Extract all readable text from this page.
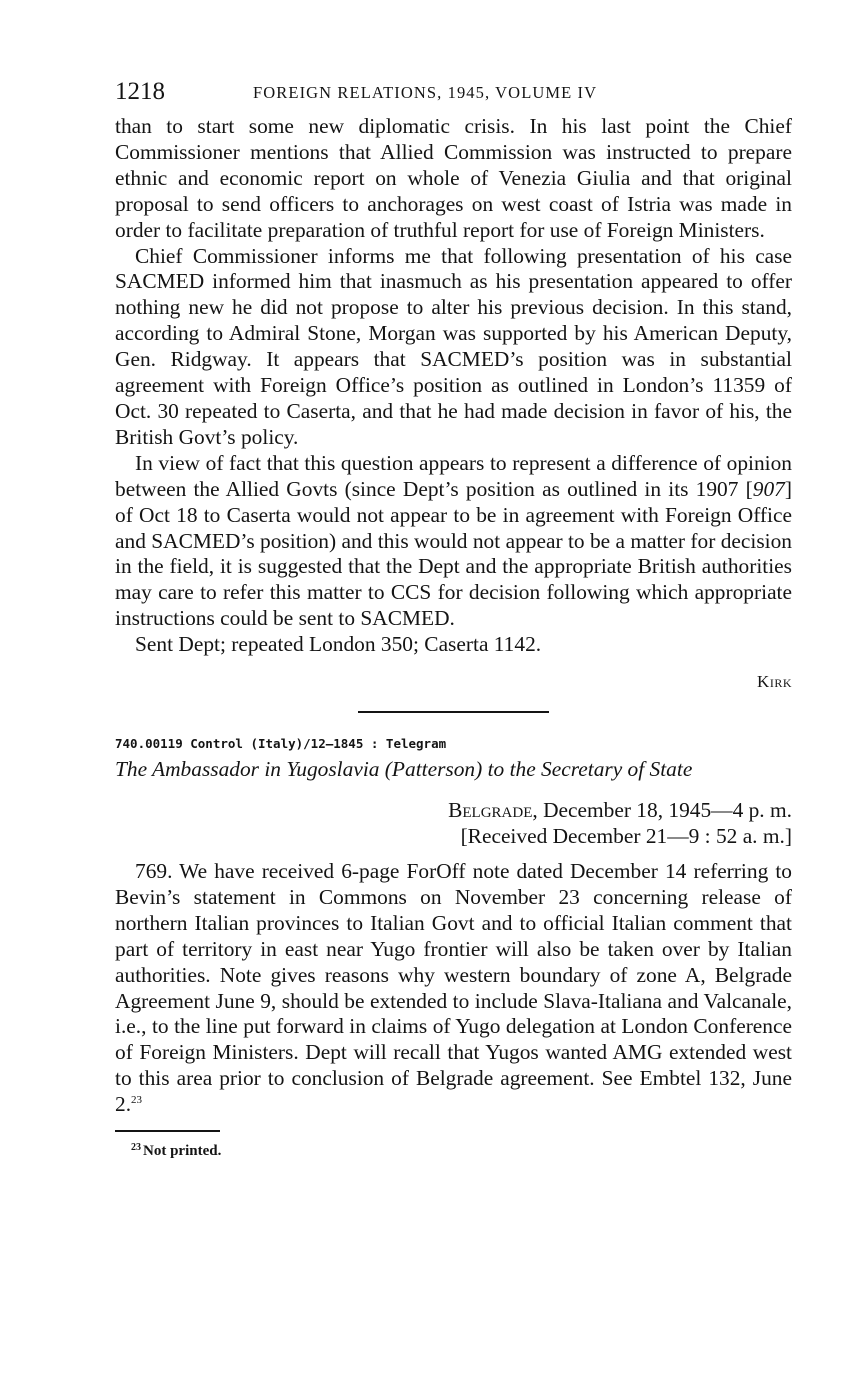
1218	FOREIGN RELATIONS, 1945, VOLUME IV

than to start some new diplomatic crisis. In his last point the Chief Commissioner mentions that Allied Commission was instructed to prepare ethnic and economic report on whole of Venezia Giulia and that original proposal to send officers to anchorages on west coast of Istria was made in order to facilitate preparation of truthful report for use of Foreign Ministers.

Chief Commissioner informs me that following presentation of his case SACMED informed him that inasmuch as his presentation appeared to offer nothing new he did not propose to alter his previous decision. In this stand, according to Admiral Stone, Morgan was supported by his American Deputy, Gen. Ridgway. It appears that SACMED’s position was in substantial agreement with Foreign Office’s position as outlined in London’s 11359 of Oct. 30 repeated to Caserta, and that he had made decision in favor of his, the British Govt’s policy.

In view of fact that this question appears to represent a difference of opinion between the Allied Govts (since Dept’s position as outlined in its 1907 [907] of Oct 18 to Caserta would not appear to be in agreement with Foreign Office and SACMED’s position) and this would not appear to be a matter for decision in the field, it is suggested that the Dept and the appropriate British authorities may care to refer this matter to CCS for decision following which appropriate instructions could be sent to SACMED.

Sent Dept; repeated London 350; Caserta 1142.

Kirk
740.00119 Control (Italy)/12–1845 : Telegram
The Ambassador in Yugoslavia (Patterson) to the Secretary of State
Belgrade, December 18, 1945—4 p. m.
[Received December 21—9 : 52 a. m.]

769. We have received 6-page ForOff note dated December 14 referring to Bevin’s statement in Commons on November 23 concerning release of northern Italian provinces to Italian Govt and to official Italian comment that part of territory in east near Yugo frontier will also be taken over by Italian authorities. Note gives reasons why western boundary of zone A, Belgrade Agreement June 9, should be extended to include Slava-Italiana and Valcanale, i.e., to the line put forward in claims of Yugo delegation at London Conference of Foreign Ministers. Dept will recall that Yugos wanted AMG extended west to this area prior to conclusion of Belgrade agreement. See Embtel 132, June 2.23

$^{23}$ Not printed.
